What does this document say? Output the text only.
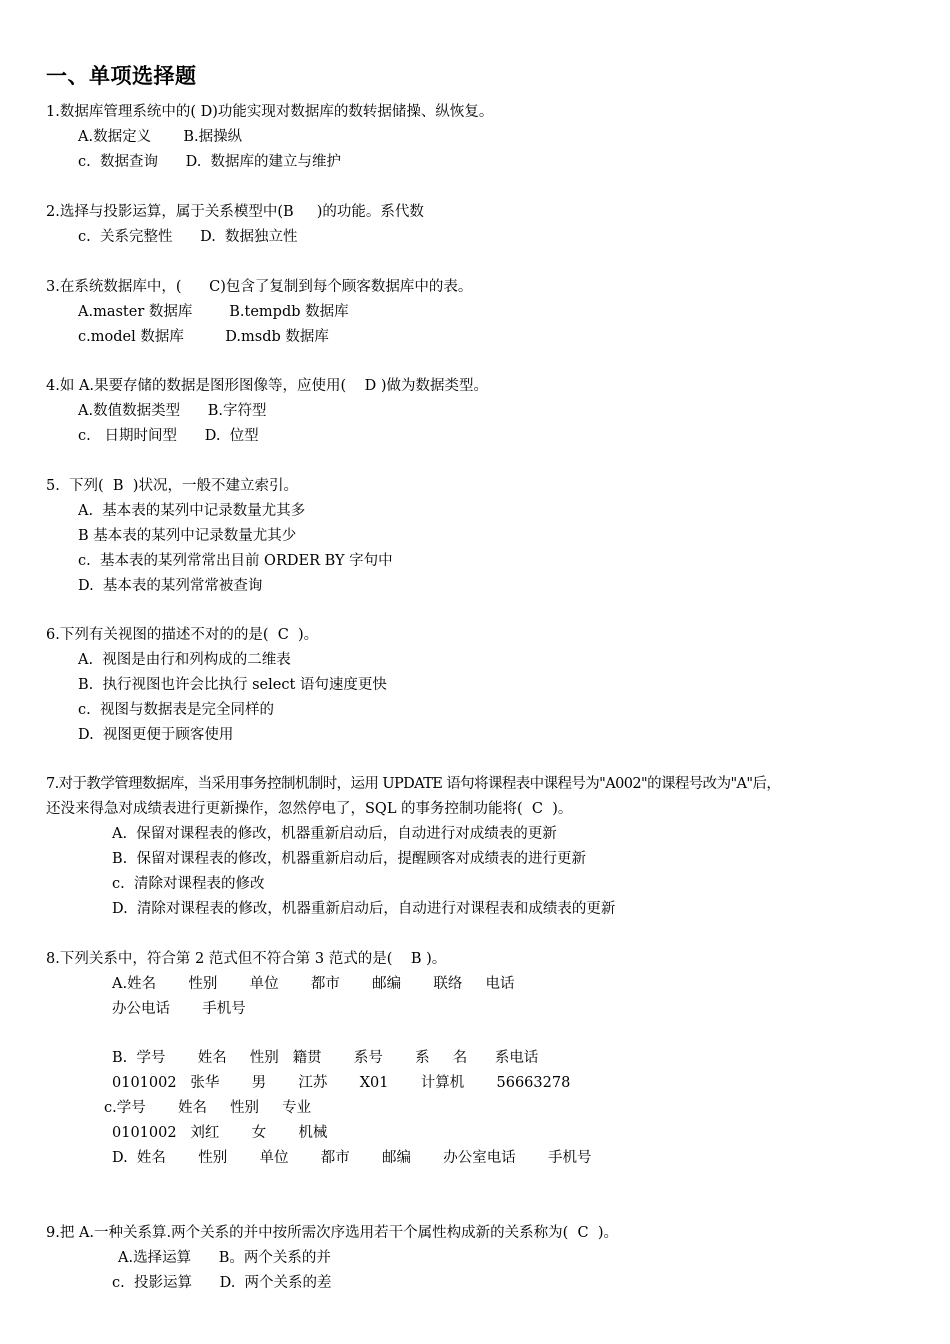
一、单项选择题
1.数据库管理系统中的( D)功能实现对数据库的数转据储操、纵恢复。
A.数据定义       B.据操纵
c.  数据查询      D.  数据库的建立与维护
2.选择与投影运算，属于关系模型中(B     )的功能。系代数
c.  关系完整性      D.  数据独立性
3.在系统数据库中，(      C)包含了复制到每个顾客数据库中的表。
A.master 数据库        B.tempdb 数据库
c.model 数据库         D.msdb 数据库
4.如 A.果要存储的数据是图形图像等，应使用(    D )做为数据类型。
A.数值数据类型      B.字符型
c.   日期时间型      D.  位型
5.  下列(  B  )状况，一般不建立索引。
A.  基本表的某列中记录数量尤其多
B 基本表的某列中记录数量尤其少
c.  基本表的某列常常出目前 ORDER BY 字句中
D.  基本表的某列常常被查询
6.下列有关视图的描述不对的的是(  C  )。
A.  视图是由行和列构成的二维表
B.  执行视图也许会比执行 select 语句速度更快
c.  视图与数据表是完全同样的
D.  视图更便于顾客使用
7.对于教学管理数据库，当采用事务控制机制时，运用 UPDATE 语句将课程表中课程号为"A002"的课程号改为"A"后，
还没来得急对成绩表进行更新操作，忽然停电了，SQL 的事务控制功能将(  C  )。
A.  保留对课程表的修改，机器重新启动后，自动进行对成绩表的更新
B.  保留对课程表的修改，机器重新启动后，提醒顾客对成绩表的进行更新
c.  清除对课程表的修改
D.  清除对课程表的修改，机器重新启动后，自动进行对课程表和成绩表的更新
8.下列关系中，符合第 2 范式但不符合第 3 范式的是(    B )。
A.姓名       性别       单位       都市       邮编       联络     电话
办公电话       手机号
B.  学号       姓名     性别   籍贯       系号       系     名      系电话
0101002   张华       男       江苏       X01       计算机       56663278
c.学号       姓名     性别     专业
0101002   刘红       女       机械
D.  姓名       性别       单位       都市       邮编       办公室电话       手机号
9.把 A.一种关系算.两个关系的并中按所需次序选用若干个属性构成新的关系称为(  C  )。
A.选择运算      B。两个关系的并
c.  投影运算      D.  两个关系的差
